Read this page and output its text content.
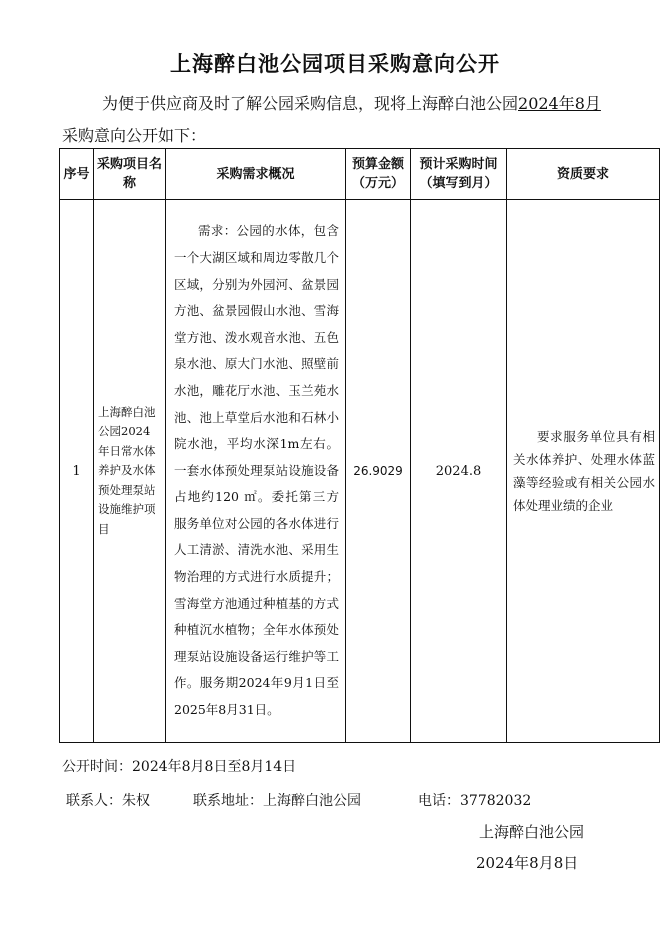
上海醉白池公园项目采购意向公开
为便于供应商及时了解公园采购信息，现将上海醉白池公园2024年8月采购意向公开如下：
序号	采购项目名称	采购需求概况	预算金额（万元）	预计采购时间（填写到月）	资质要求
1	上海醉白池公园2024年日常水体养护及水体预处理泵站设施维护项目	需求：公园的水体，包含一个大湖区域和周边零散几个区域，分别为外园河、盆景园方池、盆景园假山水池、雪海堂方池、泼水观音水池、五色泉水池、原大门水池、照壁前水池，雕花厅水池、玉兰苑水池、池上草堂后水池和石林小院水池，平均水深1m左右。一套水体预处理泵站设施设备占地约120 ㎡。委托第三方服务单位对公园的各水体进行人工清淤、清洗水池、采用生物治理的方式进行水质提升；雪海堂方池通过种植基的方式种植沉水植物；全年水体预处理泵站设施设备运行维护等工作。服务期2024年9月1日至2025年8月31日。	26.9029	2024.8	要求服务单位具有相关水体养护、处理水体蓝藻等经验或有相关公园水体处理业绩的企业
公开时间：2024年8月8日至8月14日
联系人：朱权	联系地址：上海醉白池公园	电话：37782032
上海醉白池公园
2024年8月8日
